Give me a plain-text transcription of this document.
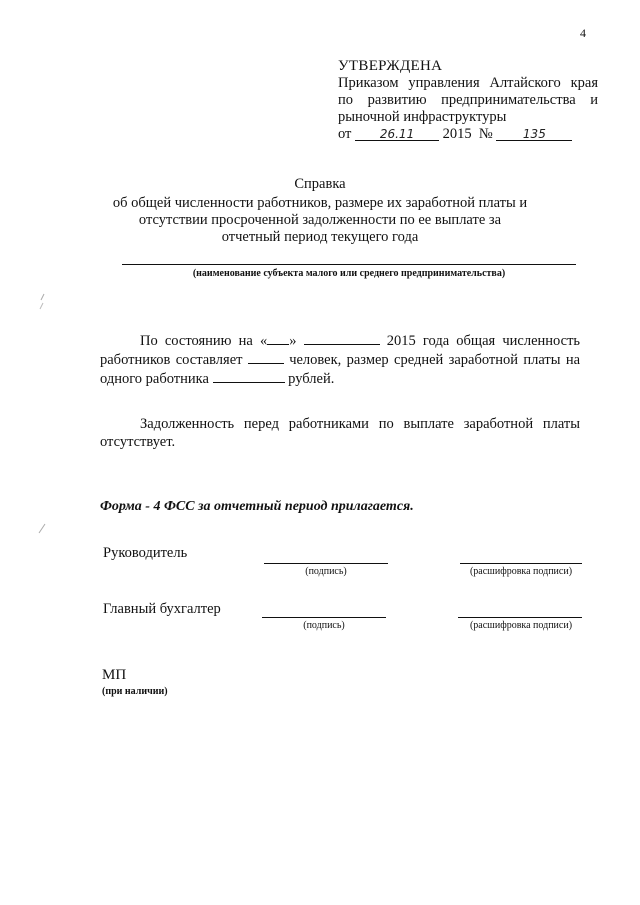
4
УТВЕРЖДЕНА
Приказом управления Алтайского края
по развитию предпринимательства и
рыночной инфраструктуры
от 26.11 2015 №	135
Справка
об общей численности работников, размере их заработной платы и отсутствии просроченной задолженности по ее выплате за отчетный период текущего года
(наименование субъекта малого или среднего предпринимательства)
По состоянию на « »	2015 года общая численность работников составляет	человек, размер средней заработной платы на одного работника	рублей.
Задолженность перед работниками по выплате заработной платы отсутствует.
Форма - 4 ФСС за отчетный период прилагается.
Руководитель
(подпись)	(расшифровка подписи)
Главный бухгалтер
(подпись)	(расшифровка подписи)
МП
(при наличии)
